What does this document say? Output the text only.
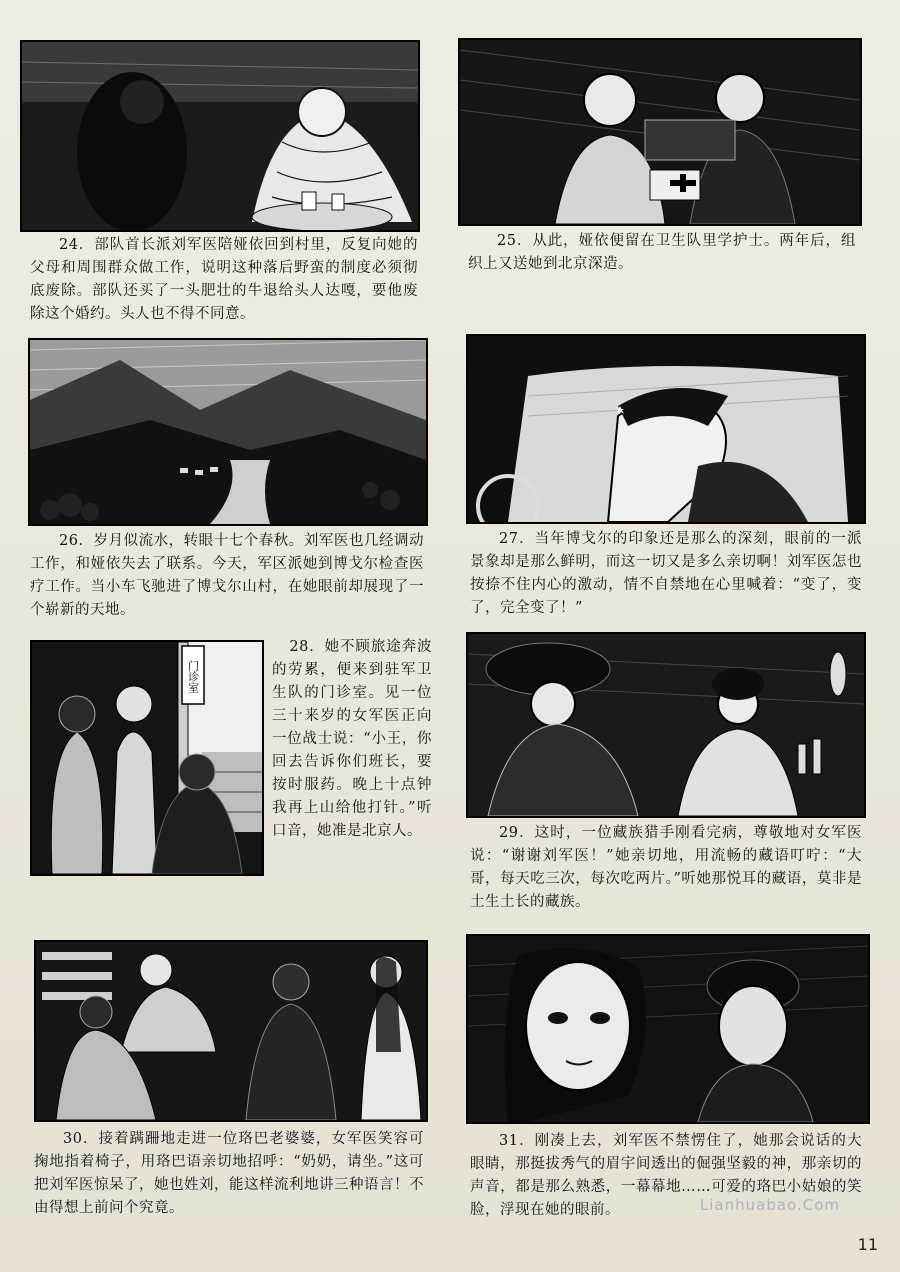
24．部队首长派刘军医陪娅依回到村里，反复向她的父母和周围群众做工作，说明这种落后野蛮的制度必须彻底废除。部队还买了一头肥壮的牛退给头人达嘎，要他废除这个婚约。头人也不得不同意。
25．从此，娅依便留在卫生队里学护士。两年后，组织上又送她到北京深造。
26．岁月似流水，转眼十七个春秋。刘军医也几经调动工作，和娅依失去了联系。今天，军区派她到博戈尔检查医疗工作。当小车飞驰进了博戈尔山村，在她眼前却展现了一个崭新的天地。
27．当年博戈尔的印象还是那么的深刻，眼前的一派景象却是那么鲜明，而这一切又是多么亲切啊！刘军医怎也按捺不住内心的激动，情不自禁地在心里喊着：“变了，变了，完全变了！”
门诊室
28．她不顾旅途奔波的劳累，便来到驻军卫生队的门诊室。见一位三十来岁的女军医正向一位战士说：“小王，你回去告诉你们班长，要按时服药。晚上十点钟我再上山给他打针。”听口音，她准是北京人。	29．这时，一位藏族猎手刚看完病，尊敬地对女军医说：“谢谢刘军医！”她亲切地，用流畅的藏语叮咛：“大哥，每天吃三次，每次吃两片。”听她那悦耳的藏语，莫非是土生土长的藏族。
30．接着蹒跚地走进一位珞巴老婆婆，女军医笑容可掬地指着椅子，用珞巴语亲切地招呼：“奶奶，请坐。”这可把刘军医惊呆了，她也姓刘，能这样流利地讲三种语言！不由得想上前问个究竟。
31．刚凑上去，刘军医不禁愣住了，她那会说话的大眼睛，那挺拔秀气的眉宇间透出的倔强坚毅的神，那亲切的声音，都是那么熟悉，一幕幕地……可爱的珞巴小姑娘的笑脸，浮现在她的眼前。	Lianhuabao.Com
11
